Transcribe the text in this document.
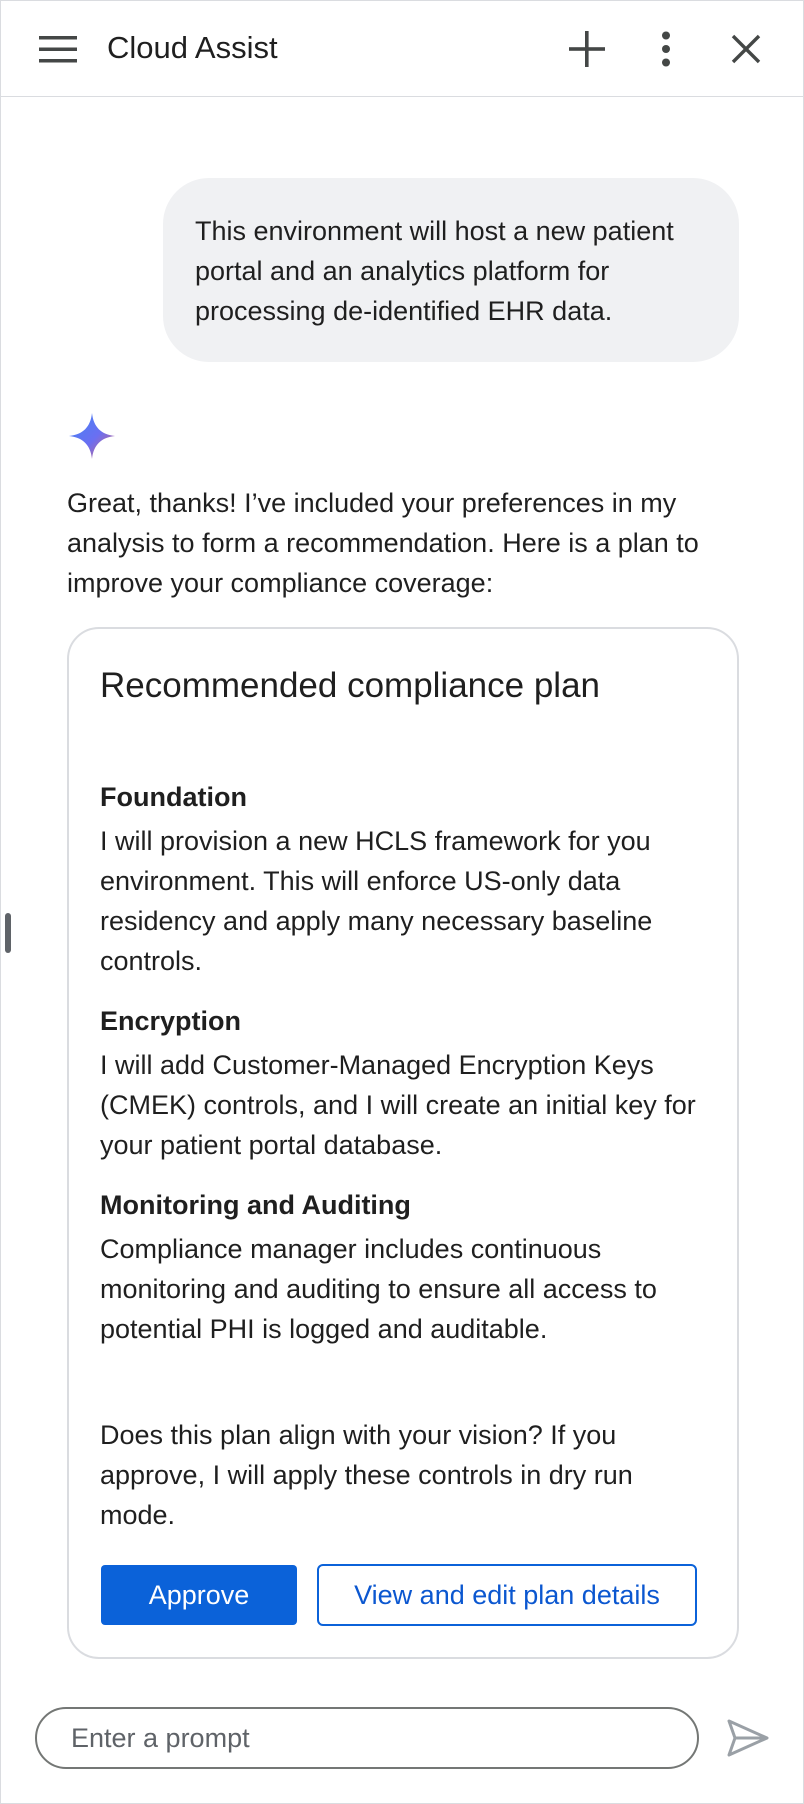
Cloud Assist
This environment will host a new patient portal and an analytics platform for processing de-identified EHR data.
Great, thanks! I’ve included your preferences in my analysis to form a recommendation. Here is a plan to improve your compliance coverage:
Recommended compliance plan
Foundation
I will provision a new HCLS framework for you environment. This will enforce US-only data residency and apply many necessary baseline controls.
Encryption
I will add Customer-Managed Encryption Keys (CMEK) controls, and I will create an initial key for your patient portal database.
Monitoring and Auditing
Compliance manager includes continuous monitoring and auditing to ensure all access to potential PHI is logged and auditable.
Does this plan align with your vision? If you approve, I will apply these controls in dry run mode.
Approve	View and edit plan details
Enter a prompt
